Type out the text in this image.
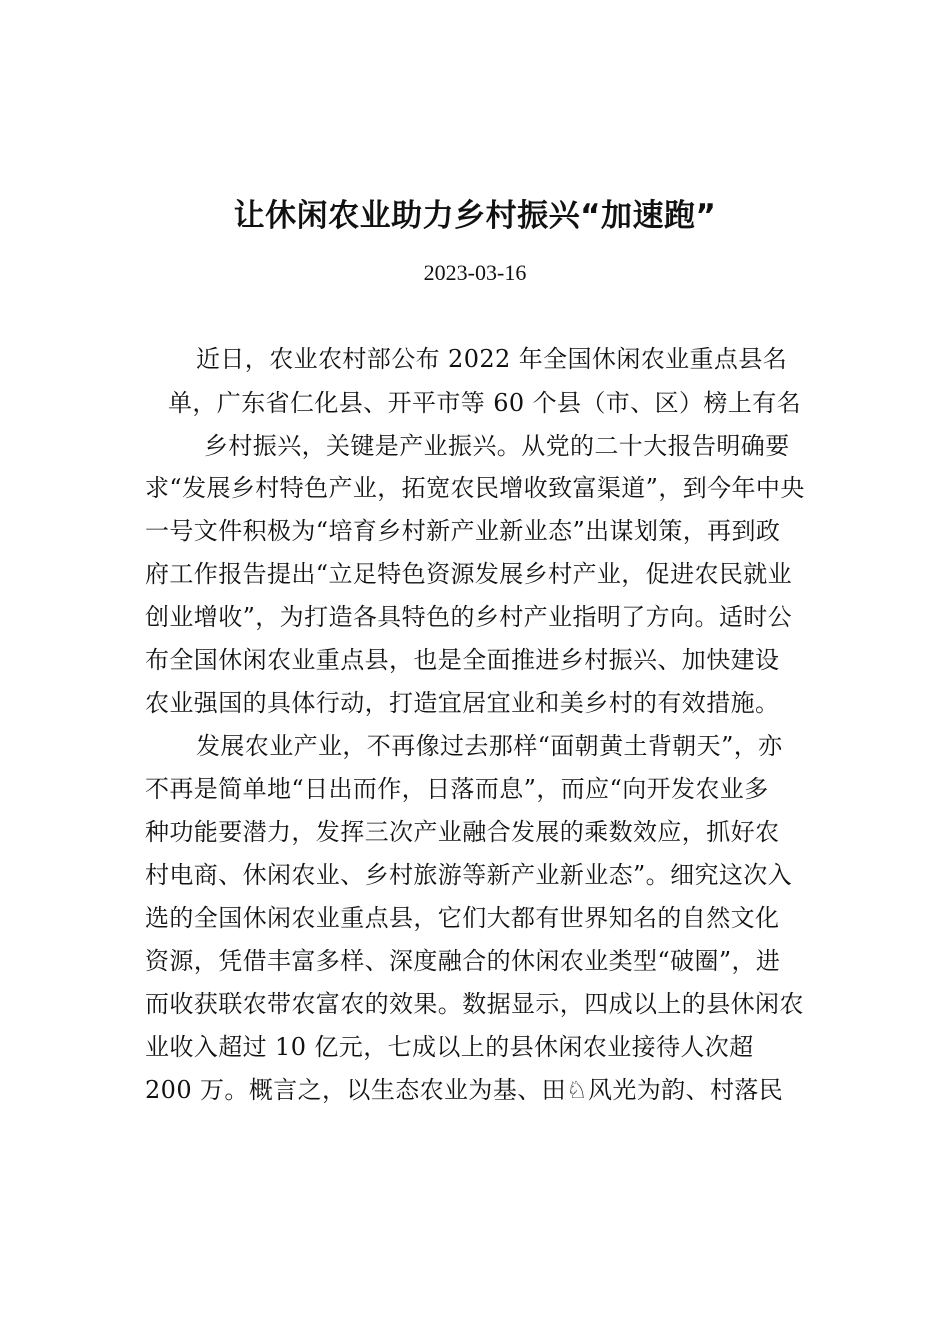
让休闲农业助力乡村振兴“加速跑”
2023-03-16
近日，农业农村部公布 2022 年全国休闲农业重点县名
单，广东省仁化县、开平市等 60 个县（市、区）榜上有名
乡村振兴，关键是产业振兴。从党的二十大报告明确要
求“发展乡村特色产业，拓宽农民增收致富渠道”，到今年中央
一号文件积极为“培育乡村新产业新业态”出谋划策，再到政
府工作报告提出“立足特色资源发展乡村产业，促进农民就业
创业增收”，为打造各具特色的乡村产业指明了方向。适时公
布全国休闲农业重点县，也是全面推进乡村振兴、加快建设
农业强国的具体行动，打造宜居宜业和美乡村的有效措施。
发展农业产业，不再像过去那样“面朝黄土背朝天”，亦
不再是简单地“日出而作，日落而息”，而应“向开发农业多
种功能要潜力，发挥三次产业融合发展的乘数效应，抓好农
村电商、休闲农业、乡村旅游等新产业新业态”。细究这次入
选的全国休闲农业重点县，它们大都有世界知名的自然文化
资源，凭借丰富多样、深度融合的休闲农业类型“破圈”，进
而收获联农带农富农的效果。数据显示，四成以上的县休闲农
业收入超过 10 亿元，七成以上的县休闲农业接待人次超
200 万。概言之，以生态农业为基、田♘风光为韵、村落民
